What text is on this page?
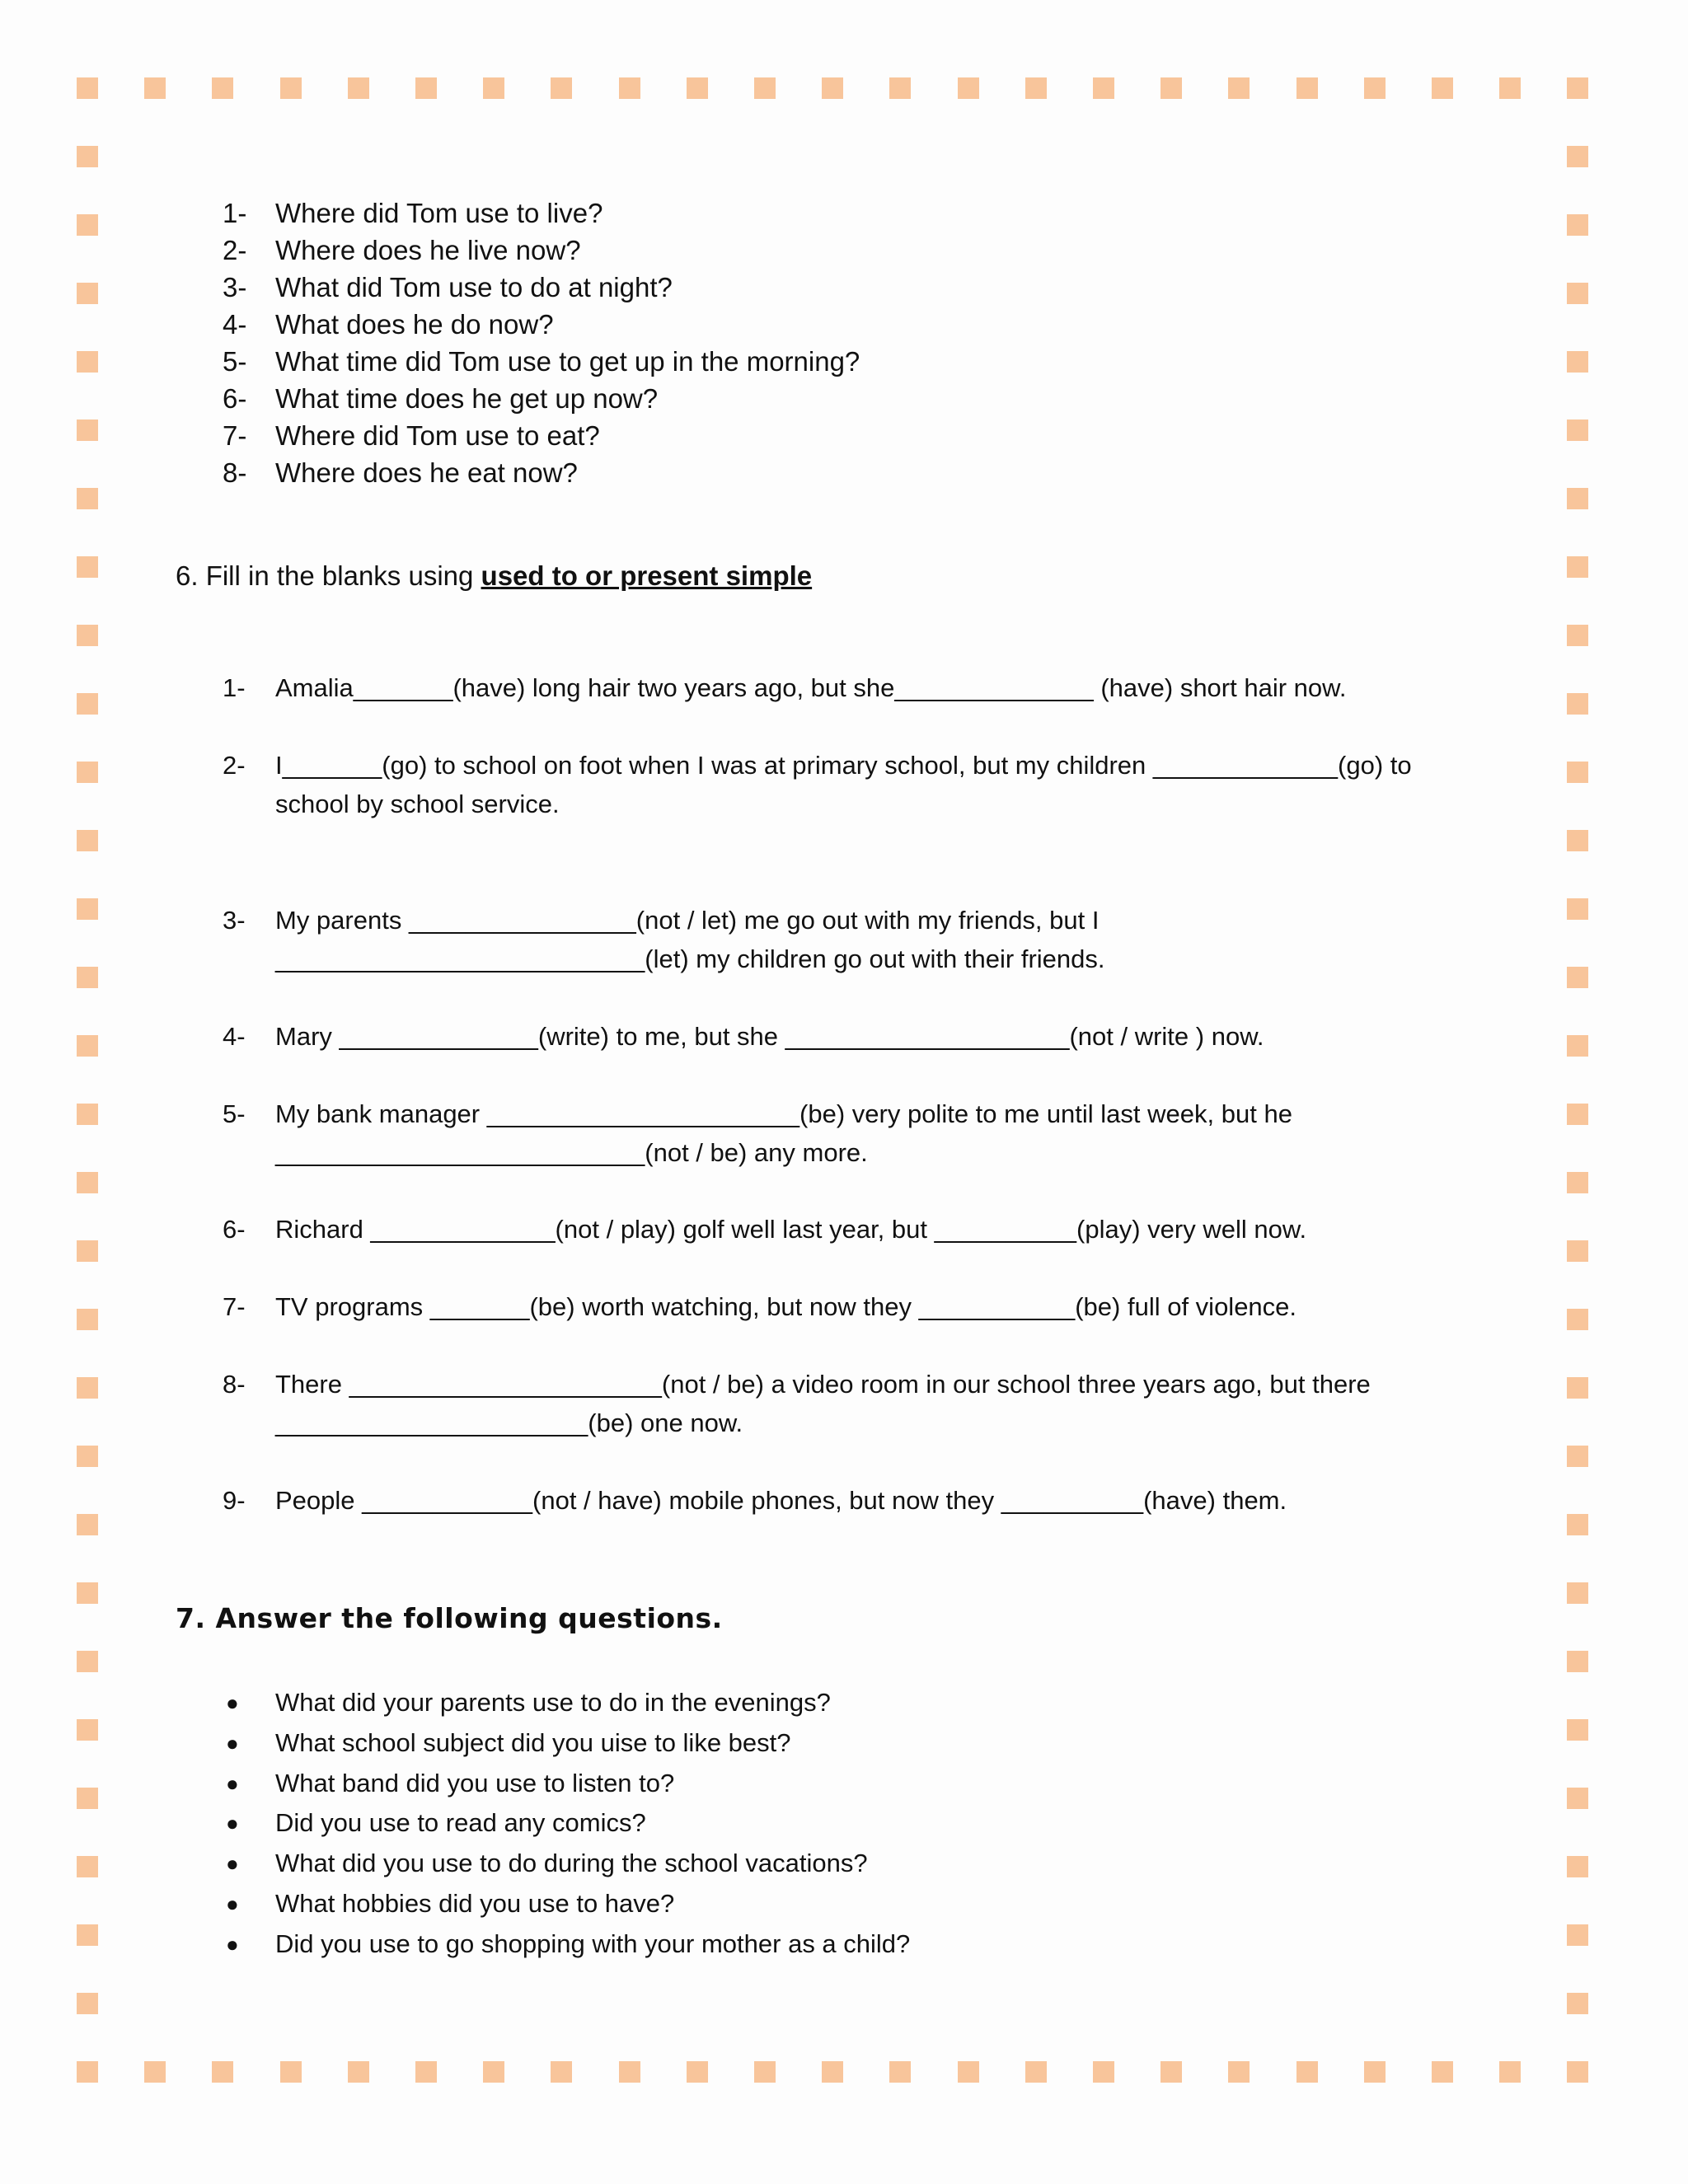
1-	Where did Tom use to live?
2-	Where does he live now?
3-	What did Tom use to do at night?
4-	What does he do now?
5-	What time did Tom use to get up in the morning?
6-	What time does he get up now?
7-	Where did Tom use to eat?
8-	Where does he eat now?
6. Fill in the blanks using used to or present simple
1-	Amalia_______(have) long hair two years ago, but she______________ (have) short hair now.
2-	I_______(go) to school on foot when I was at primary school, but my children _____________(go) to school by school service.
3-	My parents ________________(not / let) me go out with my friends, but I __________________________(let) my children go out with their friends.
4-	Mary ______________(write) to me, but she ____________________(not / write ) now.
5-	My bank manager ______________________(be) very polite to me until last week, but he __________________________(not / be) any more.
6-	Richard _____________(not / play) golf well last year, but __________(play) very well now.
7-	TV programs _______(be) worth watching, but now they ___________(be) full of violence.
8-	There ______________________(not / be) a video room in our school three years ago, but there ______________________(be) one now.
9-	People ____________(not / have) mobile phones, but now they __________(have) them.
7. Answer the following questions.
●	What did your parents use to do in the evenings?
●	What school subject did you uise to like best?
●	What band did you use to listen to?
●	Did you use to read any comics?
●	What did you use to do during the school vacations?
●	What hobbies did you use to have?
●	Did you use to go shopping with your mother as a child?
